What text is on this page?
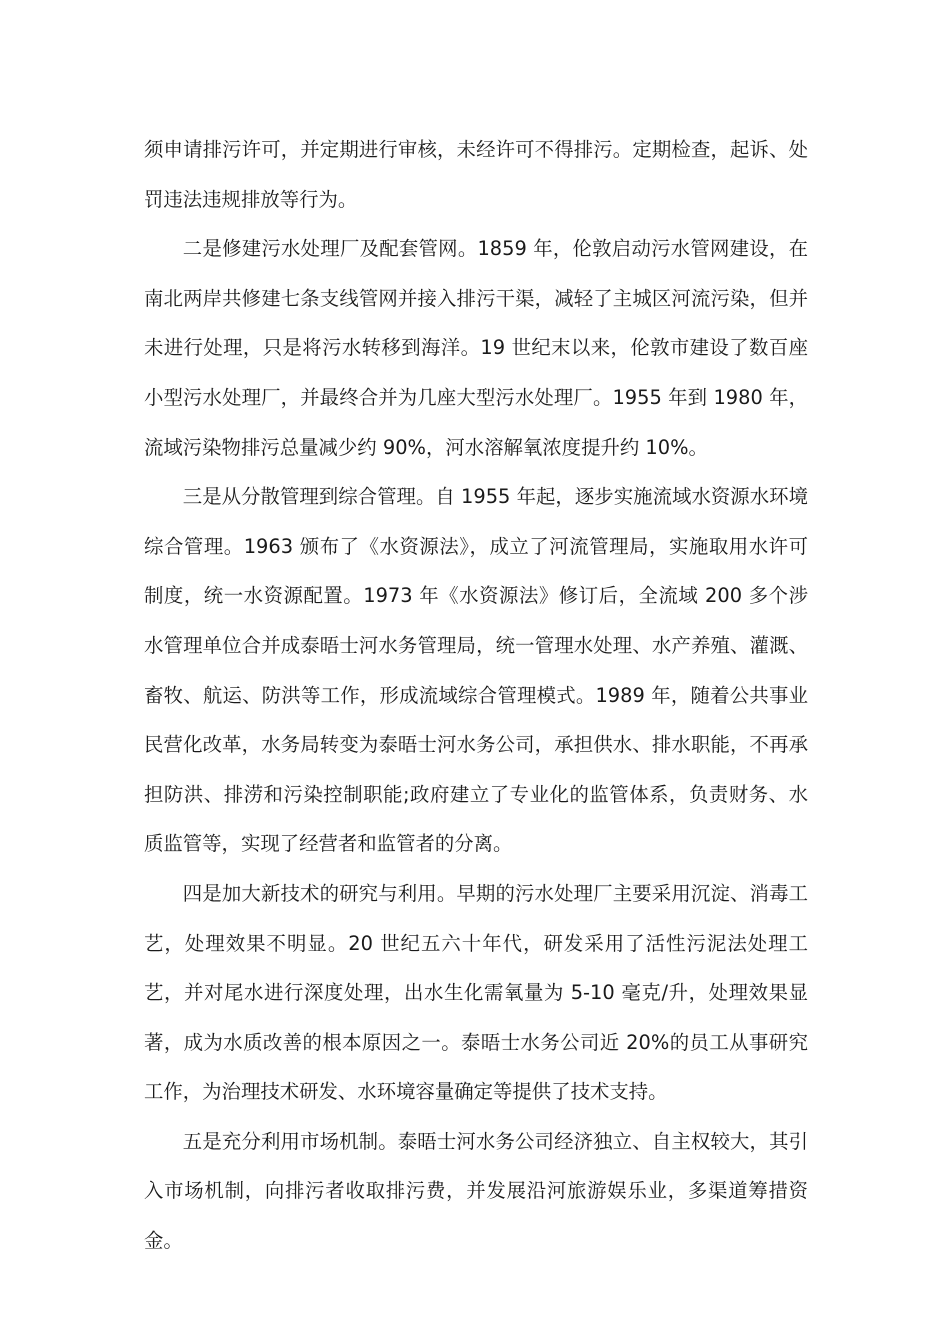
须申请排污许可，并定期进行审核，未经许可不得排污。定期检查，起诉、处罚违法违规排放等行为。

二是修建污水处理厂及配套管网。1859 年，伦敦启动污水管网建设，在南北两岸共修建七条支线管网并接入排污干渠，减轻了主城区河流污染，但并未进行处理，只是将污水转移到海洋。19 世纪末以来，伦敦市建设了数百座小型污水处理厂，并最终合并为几座大型污水处理厂。1955 年到 1980 年，流域污染物排污总量减少约 90%，河水溶解氧浓度提升约 10%。

三是从分散管理到综合管理。自 1955 年起，逐步实施流域水资源水环境综合管理。1963 颁布了《水资源法》，成立了河流管理局，实施取用水许可制度，统一水资源配置。1973 年《水资源法》修订后，全流域 200 多个涉水管理单位合并成泰晤士河水务管理局，统一管理水处理、水产养殖、灌溉、畜牧、航运、防洪等工作，形成流域综合管理模式。1989 年，随着公共事业民营化改革，水务局转变为泰晤士河水务公司，承担供水、排水职能，不再承担防洪、排涝和污染控制职能;政府建立了专业化的监管体系，负责财务、水质监管等，实现了经营者和监管者的分离。

四是加大新技术的研究与利用。早期的污水处理厂主要采用沉淀、消毒工艺，处理效果不明显。20 世纪五六十年代，研发采用了活性污泥法处理工艺，并对尾水进行深度处理，出水生化需氧量为 5-10 毫克/升，处理效果显著，成为水质改善的根本原因之一。泰晤士水务公司近 20%的员工从事研究工作，为治理技术研发、水环境容量确定等提供了技术支持。

五是充分利用市场机制。泰晤士河水务公司经济独立、自主权较大，其引入市场机制，向排污者收取排污费，并发展沿河旅游娱乐业，多渠道筹措资金。
